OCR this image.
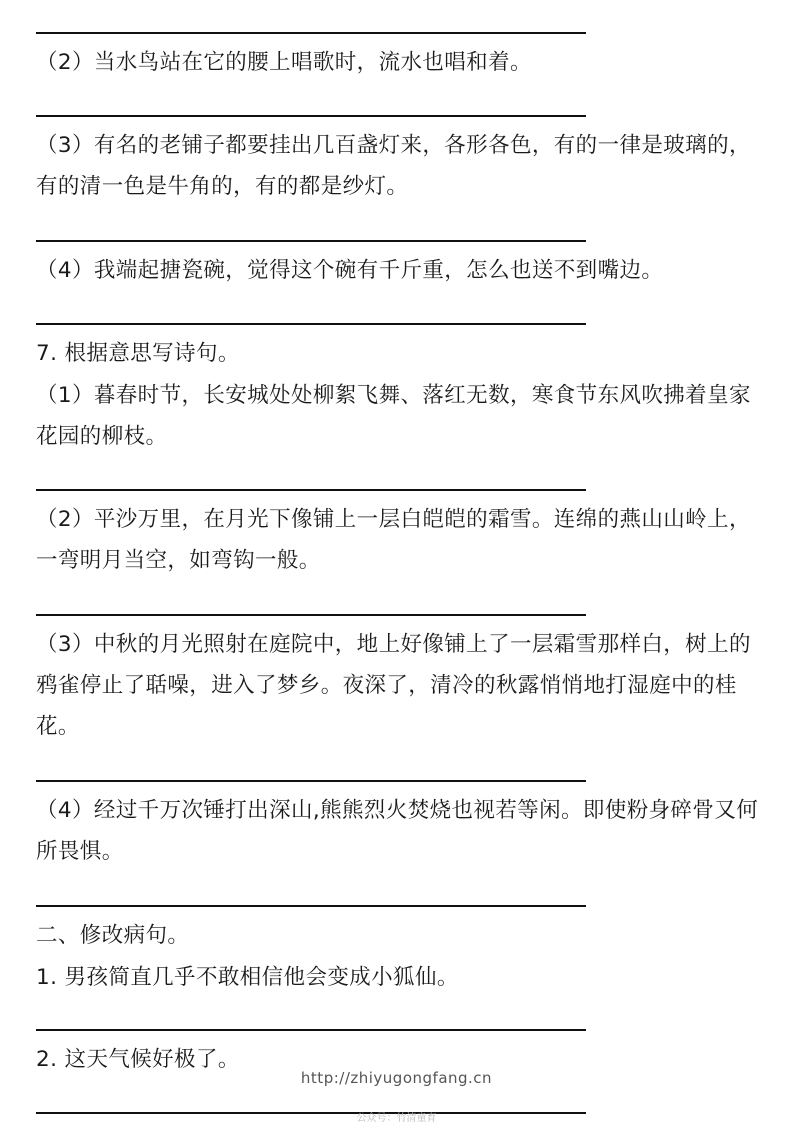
（2）当水鸟站在它的腰上唱歌时，流水也唱和着。
（3）有名的老铺子都要挂出几百盏灯来，各形各色，有的一律是玻璃的，有的清一色是牛角的，有的都是纱灯。
（4）我端起搪瓷碗，觉得这个碗有千斤重，怎么也送不到嘴边。
7. 根据意思写诗句。
（1）暮春时节，长安城处处柳絮飞舞、落红无数，寒食节东风吹拂着皇家花园的柳枝。
（2）平沙万里，在月光下像铺上一层白皑皑的霜雪。连绵的燕山山岭上，一弯明月当空，如弯钩一般。
（3）中秋的月光照射在庭院中，地上好像铺上了一层霜雪那样白，树上的鸦雀停止了聒噪，进入了梦乡。夜深了，清冷的秋露悄悄地打湿庭中的桂花。
（4）经过千万次锤打出深山,熊熊烈火焚烧也视若等闲。即使粉身碎骨又何所畏惧。
二、修改病句。
1. 男孩简直几乎不敢相信他会变成小狐仙。
2. 这天气候好极了。
http://zhiyugongfang.cn
公众号：竹清童育
